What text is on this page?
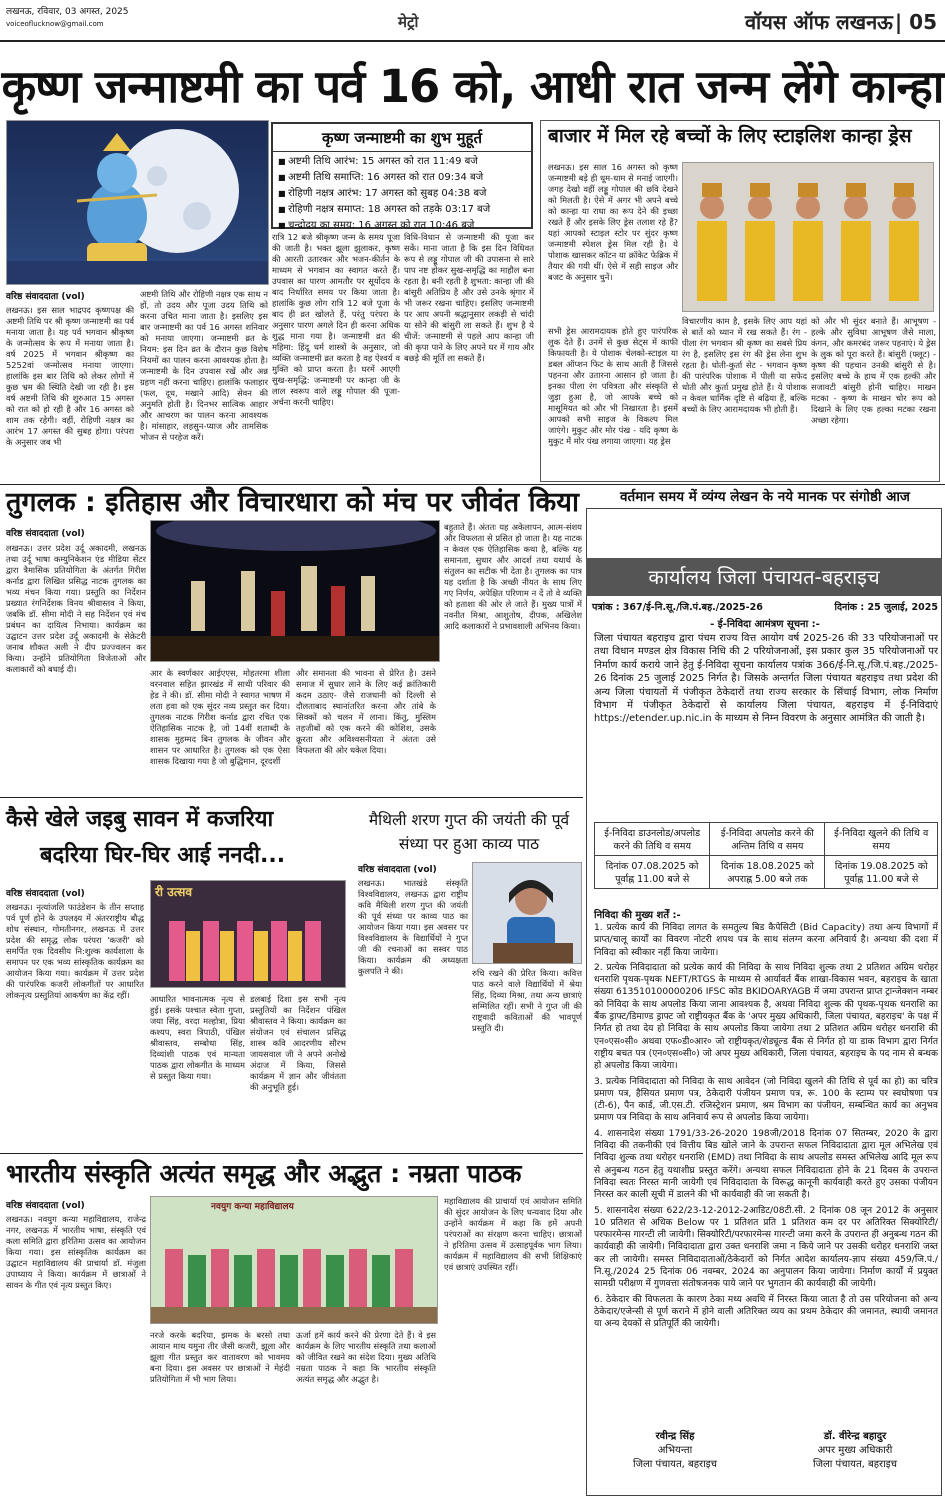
लखनऊ, रविवार, 03 अगस्त, 2025
voiceoflucknow@gmail.com	मेट्रो	वॉयस ऑफ लखनऊ | 05
कृष्ण जन्माष्टमी का पर्व 16 को, आधी रात जन्म लेंगे कान्हा
वरिष्ठ संवाददाता (vol)
कृष्ण जन्माष्टमी का शुभ मुहूर्त
■ अष्टमी तिथि आरंभ: 15 अगस्त को रात 11:49 बजे
■ अष्टमी तिथि समाप्ति: 16 अगस्त को रात 09:34 बजे
■ रोहिणी नक्षत्र आरंभ: 17 अगस्त को सुबह 04:38 बजे
■ रोहिणी नक्षत्र समाप्त: 18 अगस्त को तड़के 03:17 बजे
■ चन्द्रोदय का समय: 16 अगस्त को रात 10:46 बजे
लखनऊ। इस साल भाद्रपद कृष्णपक्ष की अष्टमी तिथि पर श्री कृष्ण जन्माष्टमी का पर्व मनाया जाता है। यह पर्व भगवान श्रीकृष्ण के जन्मोत्सव के रूप में मनाया जाता है। वर्ष 2025 में भगवान श्रीकृष्ण का 5252वां जन्मोत्सव मनाया जाएगा। हालांकि इस बार तिथि को लेकर लोगों में कुछ भ्रम की स्थिति देखी जा रही है। इस वर्ष अष्टमी तिथि की शुरुआत 15 अगस्त को रात को हो रही है और 16 अगस्त को शाम तक रहेगी। वहीं, रोहिणी नक्षत्र का आरंभ 17 अगस्त की सुबह होगा। परंपरा के अनुसार जब भी
अष्टमी तिथि और रोहिणी नक्षत्र एक साथ न हों, तो उदय और पूजा उदय तिथि को करना उचित माना जाता है। इसलिए इस बार जन्माष्टमी का पर्व 16 अगस्त शनिवार को मनाया जाएगा। जन्माष्टमी व्रत के नियम: इस दिन व्रत के दौरान कुछ विशेष नियमों का पालन करना आवश्यक होता है। जन्माष्टमी के दिन उपवास रखें और अन्न ग्रहण नहीं करना चाहिए। हालांकि फलाहार (फल, दूध, मखाने आदि) सेवन की अनुमति होती है। दिनभर सात्विक आहार और आचरण का पालन करना आवश्यक है। मांसाहार, लहसुन-प्याज और तामसिक भोजन से परहेज करें।
रात्रि 12 बजे श्रीकृष्ण जन्म के समय पूजा की जाती है। भक्त झूला झुलाकर, कृष्ण की आरती उतारकर और भजन-कीर्तन के माध्यम से भगवान का स्वागत करते हैं। उपवास का पारण आमतौर पर सूर्योदय के बाद निर्धारित समय पर किया जाता है। हालांकि कुछ लोग रात्रि 12 बजे पूजा के बाद ही व्रत खोलते हैं, परंतु परंपरा के अनुसार पारण अगले दिन ही करना अधिक शुद्ध माना गया है। जन्माष्टमी व्रत की महिमा: हिंदू धर्म शास्त्रों के अनुसार, जो व्यक्ति जन्माष्टमी व्रत करता है वह ऐश्वर्य व मुक्ति को प्राप्त करता है। घरमें आएगी सुख-समृद्धि: जन्माष्टमी पर कान्हा जी के लाल स्वरूप वाले लड्डू गोपाल की पूजा-अर्चना करनी चाहिए।
विधि-विधान से जन्माष्टमी की पूजा कर सकें। माना जाता है कि इस दिन विधिवत रूप से लड्डू गोपाल जी की उपासना से सारे पाप नष्ट होकर सुख-समृद्धि का माहौल बना रहता है। बनी रहती है शुभता: कान्हा जी की बांसुरी अतिप्रिय है और उसे उनके श्रृंगार में भी जरूर रखना चाहिए। इसलिए जन्माष्टमी पर आप अपनी श्रद्धानुसार लकड़ी से चांदी या सोने की बांसुरी ला सकते हैं। शुभ है ये चीजें: जन्माष्टमी से पहले आप कान्हा जी की कृपा पाने के लिए अपने घर में गाय और बछड़े की मूर्ति ला सकते हैं।
बाजार में मिल रहे बच्चों के लिए स्टाइलिश कान्हा ड्रेस
लखनऊ। इस साल 16 अगस्त को कृष्ण जन्माष्टमी बड़े ही धूम-धाम से मनाई जाएगी। जगह देखो वहीं लड्डू गोपाल की छवि देखने को मिलती है। ऐसे में अगर भी अपने बच्चे को कान्हा या राधा का रूप देने की इच्छा रखते हैं और इसके लिए ड्रेस तलाश रहे हैं? यहां आपको स्टाइल स्टोर पर सुंदर कृष्ण जन्माष्टमी स्पेशल ड्रेस मिल रही है। ये पोशाक खासकर कॉटन या क्रॉकेट फेब्रिक में तैयार की गयी थीं। ऐसे में सही साइज और बजट के अनुसार चुनें।
सभी ड्रेस आरामदायक होते हुए पारंपरिक लुक देते हैं। उनमें से कुछ सेट्स में काफी किफायती है। ये पोशाक चेलको-स्टाइल या डबल ऑप्शन फिट के साथ आती हैं जिससे पहनना और उतारना आसान हो जाता है। इनका पीला रंग पवित्रता और संस्कृति से जुड़ा हुआ है, जो आपके बच्चे को मासूमियत को और भी निखारता है। इसमें आपको सभी साइज के विकल्प मिल जाएंगे। मुकुट और मोर पंख - यदि कृष्ण के मुकुट में मोर पंख लगाया जाएगा। यह ड्रेस
विचारणीय काम है, इसके लिए आप यहां से बातें को ध्यान में रख सकते हैं। रंग - पीला रंग भगवान श्री कृष्ण का सबसे प्रिय रंग है, इसलिए इस रंग की ड्रेस लेना शुभ रहता है। धोती-कुर्ता सेट - भगवान कृष्ण की पारंपरिक पोशाक में पीली या सफेद धोती और कुर्ता प्रमुख होते हैं। ये पोशाक न केवल धार्मिक दृष्टि से बढ़िया हैं, बल्कि बच्चों के लिए आरामदायक भी होती हैं।
को और भी सुंदर बनाते हैं। आभूषण - हल्के और सुविधा आभूषण जैसे माला, कंगन, और कमरबंद जरूर पहनाएं। ये ड्रेस के लुक को पूरा करते हैं। बांसुरी (फ्लूट) - कृष्ण की पहचान उनकी बांसुरी से है। इसलिए बच्चे के हाथ में एक हल्की और सजावटी बांसुरी होनी चाहिए। माखन मटका - कृष्ण के माखन चोर रूप को दिखाने के लिए एक हल्का मटका रखना अच्छा रहेगा।
तुगलक : इतिहास और विचारधारा को मंच पर जीवंत किया
वरिष्ठ संवाददाता (vol)
लखनऊ। उत्तर प्रदेश उर्दू अकादमी, लखनऊ तथा उर्दू भाषा कम्युनिकेशन एंड मीडिया सेंटर द्वारा त्रैमासिक प्रतियोगिता के अंतर्गत गिरीश कर्नाड द्वारा लिखित प्रसिद्ध नाटक तुगलक का भव्य मंचन किया गया। प्रस्तुति का निर्देशन प्रख्यात रंगनिर्देशक विनय श्रीवास्तव ने किया, जबकि डॉ. सीमा मोदी ने सह निर्देशन एवं मंच प्रबंधन का दायित्व निभाया। कार्यक्रम का उद्घाटन उत्तर प्रदेश उर्दू अकादमी के सेक्रेटरी जनाब शौकत अली ने दीप प्रज्ज्वलन कर किया। उन्होंने प्रतियोगिता विजेताओं और कलाकारों को बधाई दी।	आर के स्वर्णकार आईएएस, मोहतरमा शीला वरनवाल सहित झारखंड में साथी परिवार की हेड ने की। डॉ. सीमा मोदी ने स्वागत भाषण में लता हवा को एक सुंदर नव्य प्रस्तुत कर दिया। तुगलक नाटक गिरीश कर्नाड द्वारा रचित एक ऐतिहासिक नाटक है, जो 14वीं शताब्दी के शासक मुहम्मद बिन तुगलक के जीवन और शासन पर आधारित है। तुगलक को एक ऐसा शासक दिखाया गया है जो बुद्धिमान, दूरदर्शी
और समानता की भावना से प्रेरित है। उसने समाज में सुधार लाने के लिए कई क्रांतिकारी कदम उठाए- जैसे राजधानी को दिल्ली से दौलताबाद स्थानांतरित करना और तांबे के सिक्कों को चलन में लाना। किंतु, मुस्लिम तहजीबों को एक करने की कोशिश, उसके क्रूरता और अविश्वसनीयता ने अंततः उसे विफलता की ओर धकेल दिया।
बहुताते हैं। अंततः यह अकेलापन, आत्म-संशय और विफलता से प्रसित हो जाता है। यह नाटक न केवल एक ऐतिहासिक कथा है, बल्कि यह समानता, सुधार और आदर्श तथा यथार्थ के संतुलन का सटीक भी देता है। तुगलक का पात्र यह दर्शाता है कि अच्छी नीयत के साथ लिए गए निर्णय, अपेक्षित परिणाम न दें तो वे व्यक्ति को हताशा की ओर ले जाते हैं। मुख्य पात्रों में नवनीत मिश्रा, आशुतोष, दीपक, अखिलेश आदि कलाकारों ने प्रभावशाली अभिनय किया।
वर्तमान समय में व्यंग्य लेखन के नये मानक पर संगोष्ठी आज
कार्यालय जिला पंचायत-बहराइच
पत्रांक : 367/ई-नि.सू./जि.पं.बह./2025-26	दिनांक : 25 जुलाई, 2025
- ई-निविदा आमंत्रण सूचना :-
जिला पंचायत बहराइच द्वारा पंचम राज्य वित्त आयोग वर्ष 2025-26 की 33 परियोजनाओं पर तथा विधान मण्डल क्षेत्र विकास निधि की 2 परियोजनाओं, इस प्रकार कुल 35 परियोजनाओं पर निर्माण कार्य कराये जाने हेतु ई-निविदा सूचना कार्यालय पत्रांक 366/ई-नि.सू./जि.पं.बह./2025-26 दिनांक 25 जुलाई 2025 निर्गत है। जिसके अन्तर्गत जिला पंचायत बहराइच तथा प्रदेश की अन्य जिला पंचायतों में पंजीकृत ठेकेदारों तथा राज्य सरकार के सिंचाई विभाग, लोक निर्माण विभाग में पंजीकृत ठेकेदारों से कार्यालय जिला पंचायत, बहराइच में ई-निविदाएं https://etender.up.nic.in के माध्यम से निम्न विवरण के अनुसार आमंत्रित की जाती है।
ई-निविदा डाउनलोड/अपलोड करने की तिथि व समय	ई-निविदा अपलोड करने की अन्तिम तिथि व समय	ई-निविदा खुलने की तिथि व समय
दिनांक 07.08.2025 को पूर्वाह्न 11.00 बजे से	दिनांक 18.08.2025 को अपराह्न 5.00 बजे तक	दिनांक 19.08.2025 को पूर्वाह्न 11.00 बजे से
निविदा की मुख्य शर्तें :-

1. प्रत्येक कार्य की निविदा लागत के समतुल्य बिड कैपेसिटी (Bid Capacity) तथा अन्य विभागों में प्राप्त/चालू कार्यों का विवरण नोटरी शपथ पत्र के साथ संलग्न करना अनिवार्य है। अन्यथा की दशा में निविदा को स्वीकार नहीं किया जायेगा।

2. प्रत्येक निविदादाता को प्रत्येक कार्य की निविदा के साथ निविदा शुल्क तथा 2 प्रतिशत अग्रिम धरोहर धनराशि पृथक-पृथक NEFT/RTGS के माध्यम से आर्यावर्त बैंक शाखा-विकास भवन, बहराइच के खाता संख्या 613510100000206 IFSC कोड BKIDOARYAGB में जमा उपरान्त प्राप्त ट्रान्जेक्शन नम्बर को निविदा के साथ अपलोड किया जाना आवश्यक है, अथवा निविदा शुल्क की पृथक-पृथक धनराशि का बैंक ड्राफ्ट/डिमाण्ड ड्राफ्ट जो राष्ट्रीयकृत बैंक के 'अपर मुख्य अधिकारी, जिला पंचायत, बहराइच' के पक्ष में निर्गत हो तथा देय हो निविदा के साथ अपलोड किया जायेगा तथा 2 प्रतिशत अग्रिम धरोहर धनराशि की एन०एस०सी० अथवा एफ०डी०आर० जो राष्ट्रीयकृत/शेड्यूल्ड बैंक से निर्गत हो या डाक विभाग द्वारा निर्गत राष्ट्रीय बचत पत्र (एन०एस०सी०) जो अपर मुख्य अधिकारी, जिला पंचायत, बहराइच के पद नाम से बन्धक हो अपलोड किया जायेगा।

3. प्रत्येक निविदादाता को निविदा के साथ आवेदन (जो निविदा खुलने की तिथि से पूर्व का हो) का चरित्र प्रमाण पत्र, हैसियत प्रमाण पत्र, ठेकेदारी पंजीयन प्रमाण पत्र, रू. 100 के स्टाम्प पर स्वघोषणा पत्र (टी-6), पैन कार्ड, जी.एस.टी. रजिस्ट्रेशन प्रमाण, श्रम विभाग का पंजीयन, सम्बन्धित कार्य का अनुभव प्रमाण पत्र निविदा के साथ अनिवार्य रूप से अपलोड किया जायेगा।

4. शासनादेश संख्या 1791/33-26-2020 198जी/2018 दिनांक 07 सितम्बर, 2020 के द्वारा निविदा की तकनीकी एवं वित्तीय बिड खोले जाने के उपरान्त सफल निविदादाता द्वारा मूल अभिलेख एवं निविदा शुल्क तथा धरोहर धनराशि (EMD) तथा निविदा के साथ अपलोड समस्त अभिलेख आदि मूल रूप से अनुबन्ध गठन हेतु यथाशीघ्र प्रस्तुत करेंगे। अन्यथा सफल निविदादाता होने के 21 दिवस के उपरान्त निविदा स्वतः निरस्त मानी जायेगी एवं निविदादाता के विरूद्ध कानूनी कार्यवाही करते हुए उसका पंजीयन निरस्त कर काली सूची में डालने की भी कार्यवाही की जा सकती है।

5. शासनादेश संख्या 622/23-12-2012-2आडिट/08टी.सी. 2 दिनांक 08 जून 2012 के अनुसार 10 प्रतिशत से अधिक Below पर 1 प्रतिशत प्रति 1 प्रतिशत कम दर पर अतिरिक्त सिक्योरिटी/परफारमेन्स गारन्टी ली जायेगी। सिक्योरिटी/परफारमेन्स गारन्टी जमा करने के उपरान्त ही अनुबन्ध गठन की कार्यवाही की जायेगी। निविदादाता द्वारा उक्त धनराशि जमा न किये जाने पर उसकी धरोहर धनराशि जब्त कर ली जायेगी। समस्त निविदादाताओं/ठेकेदारों को निर्गत आदेश कार्यालय-ज्ञाप संख्या 459/जि.पं./नि.सू./2024 25 दिनांक 06 नवम्बर, 2024 का अनुपालन किया जायेगा। निर्माण कार्यों में प्रयुक्त सामग्री परीक्षण में गुणवत्ता संतोषजनक पाये जाने पर भुगतान की कार्यवाही की जायेगी।

6. ठेकेदार की विफलता के कारण ठेका मध्य अवधि में निरस्त किया जाता है तो उस परियोजना को अन्य ठेकेदार/एजेन्सी से पूर्ण कराने में होने वाली अतिरिक्त व्यय का प्रथम ठेकेदार की जमानत, स्थायी जमानत या अन्य देयकों से प्रतिपूर्ति की जायेगी।

रवीन्द्र सिंह
अभियन्ता
जिला पंचायत, बहराइच
डॉ. वीरेन्द्र बहादुर
अपर मुख्य अधिकारी
जिला पंचायत, बहराइच
कैसे खेले जइबु सावन में कजरिया
बदरिया घिर-घिर आई ननदी...
वरिष्ठ संवाददाता (vol)
लखनऊ। नृत्यांजलि फाउंडेशन के तीन सप्ताह पर्व पूर्ण होने के उपलक्ष्य में अंतरराष्ट्रीय बौद्ध शोध संस्थान, गोमतीनगर, लखनऊ में उत्तर प्रदेश की समृद्ध लोक परंपरा 'कजरी' को समर्पित एक दिवसीय नि:शुल्क कार्यशाला के समापन पर एक भव्य सांस्कृतिक कार्यक्रम का आयोजन किया गया। कार्यक्रम में उत्तर प्रदेश की पारंपरिक कजरी लोकगीतों पर आधारित लोकनृत्य प्रस्तुतियां आकर्षण का केंद्र रहीं।
री उत्सव
आधारित भावनात्मक नृत्य से हुई। इसके पश्चात स्वेता गुप्ता, जया सिंह, वरदा मल्होत्रा, प्रिया कश्यप, स्वरा त्रिपाठी, पंखिल श्रीवास्तव, सम्बोधा सिंह, दिव्यांशी पाठक एवं मान्यता पाठक द्वारा लोकगीत के माध्यम से प्रस्तुत किया गया।
डलबाई दिशा इस सभी नृत्य प्रस्तुतियों का निर्देशन पंखिल श्रीवास्तव ने किया। कार्यक्रम का संयोजन एवं संचालन प्रसिद्ध शास्त्र कवि आदरणीय सौरभ जायसवाल जी ने अपने अनोखे अंदाज में किया, जिससे कार्यक्रम में ज्ञान और जीवंतता की अनुभूति हुई।
मैथिली शरण गुप्त की जयंती की पूर्व संध्या पर हुआ काव्य पाठ
वरिष्ठ संवाददाता (vol)
लखनऊ। भातखंडे संस्कृति विश्वविद्यालय, लखनऊ द्वारा राष्ट्रीय कवि मैथिली शरण गुप्त की जयंती की पूर्व संध्या पर काव्य पाठ का आयोजन किया गया। इस अवसर पर विश्वविद्यालय के विद्यार्थियों ने गुप्त जी की रचनाओं का सस्वर पाठ किया। कार्यक्रम की अध्यक्षता कुलपति ने की।	रुचि रखने की प्रेरित किया। कवित्त पाठ करने वाले विद्यार्थियों में श्रेया सिंह, दिव्या मिश्रा, तथा अन्य छात्राएं सम्मिलित रहीं। सभी ने गुप्त जी की राष्ट्रवादी कविताओं की भावपूर्ण प्रस्तुति दी।
भारतीय संस्कृति अत्यंत समृद्ध और अद्भुत : नम्रता पाठक
वरिष्ठ संवाददाता (vol)
लखनऊ। नवयुग कन्या महाविद्यालय, राजेन्द्र नगर, लखनऊ में भारतीय भाषा, संस्कृति एवं कला समिति द्वारा हरितिमा उत्सव का आयोजन किया गया। इस सांस्कृतिक कार्यक्रम का उद्घाटन महाविद्यालय की प्राचार्या डॉ. मंजुला उपाध्याय ने किया। कार्यक्रम में छात्राओं ने सावन के गीत एवं नृत्य प्रस्तुत किए।
नवयुग कन्या महाविद्यालय
नरजे करके बदरिया, झमक के बरसो तथा आयान माथ यमुना तीर जैसी कजरी, झूला और झूला गीत प्रस्तुत कर वातावरण को भावमय बना दिया। इस अवसर पर छात्राओं ने मेहंदी प्रतियोगिता में भी भाग लिया।
ऊर्जा हमें कार्य करने की प्रेरणा देते हैं। वे इस कार्यक्रम के लिए भारतीय संस्कृति तथा कलाओं को जीवित रखने का संदेश दिया। मुख्य अतिथि नम्रता पाठक ने कहा कि भारतीय संस्कृति अत्यंत समृद्ध और अद्भुत है।
महाविद्यालय की प्राचार्या एवं आयोजन समिति की सुंदर आयोजन के लिए धन्यवाद दिया और उन्होंने कार्यक्रम में कहा कि हमें अपनी परंपराओं का संरक्षण करना चाहिए। छात्राओं ने हरितिमा उत्सव में उत्साहपूर्वक भाग लिया। कार्यक्रम में महाविद्यालय की सभी शिक्षिकाएं एवं छात्राएं उपस्थित रहीं।
